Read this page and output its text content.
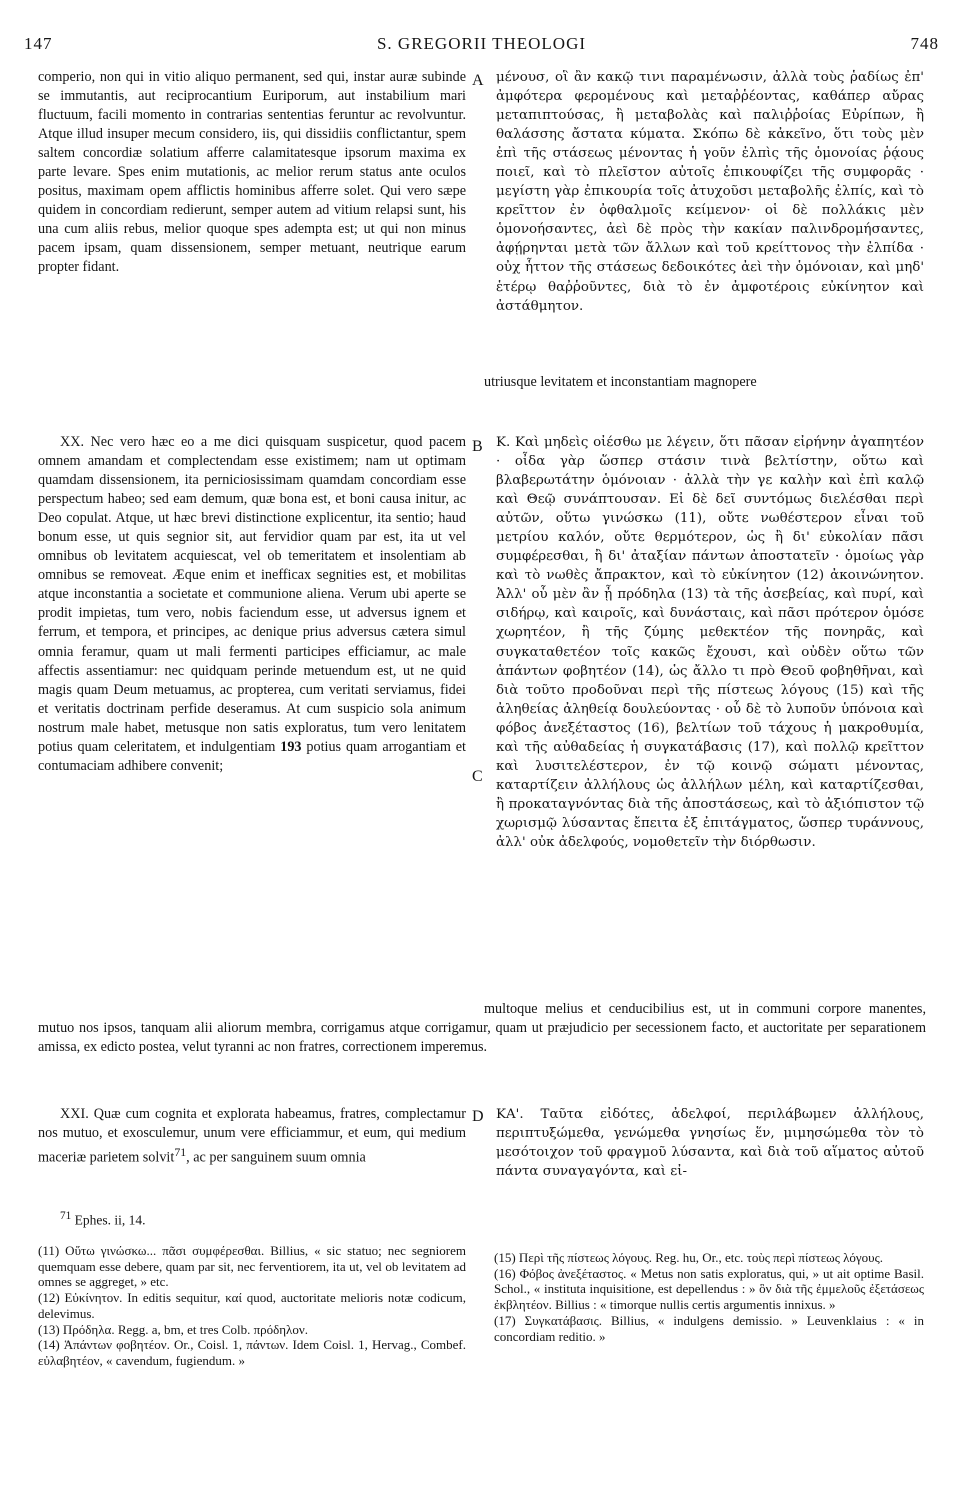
147	S. GREGORII THEOLOGI	748

comperio, non qui in vitio aliquo permanent, sed qui, instar auræ subinde se immutantis, aut reciprocantium Euriporum, aut instabilium mari fluctuum, facili momento in contrarias sententias feruntur ac revolvuntur. Atque illud insuper mecum considero, iis, qui dissidiis conflictantur, spem saltem concordiæ solatium afferre calamitatesque ipsorum maxima ex parte levare. Spes enim mutationis, ac melior rerum status ante oculos positus, maximam opem afflictis hominibus afferre solet. Qui vero sæpe quidem in concordiam redierunt, semper autem ad vitium relapsi sunt, his una cum aliis rebus, melior quoque spes adempta est; ut qui non minus pacem ipsam, quam dissensionem, semper metuant, neutrique earum propter fidant.

A μένουσ, οἳ ἂν κακῷ τινι παραμένωσιν, ἀλλὰ τοὺς ῥαδίως ἐπ' ἀμφότερα φερομένους καὶ μεταῤῥέοντας, καθάπερ αὔρας μεταπιπτούσας, ἢ μεταβολὰς καὶ παλιῤῥοίας Εὐρίπων, ἢ θαλάσσης ἄστατα κύματα. Σκόπω δὲ κἀκεῖνο, ὅτι τοὺς μὲν ἐπὶ τῆς στάσεως μένοντας ἡ γοῦν ἐλπὶς τῆς ὁμονοίας ῥᾴους ποιεῖ, καὶ τὸ πλεῖστον αὐτοῖς ἐπικουφίζει τῆς συμφορᾶς · μεγίστη γὰρ ἐπικουρία τοῖς ἀτυχοῦσι μεταβολῆς ἐλπίς, καὶ τὸ κρεῖττον ἐν ὀφθαλμοῖς κείμενον· οἱ δὲ πολλάκις μὲν ὁμονοήσαντες, ἀεὶ δὲ πρὸς τὴν κακίαν παλινδρομήσαντες, ἀφῄρηνται μετὰ τῶν ἄλλων καὶ τοῦ κρείττονος τὴν ἐλπίδα · οὐχ ἧττον τῆς στάσεως δεδοικότες ἀεὶ τὴν ὁμόνοιαν, καὶ μηδ' ἑτέρῳ θαῤῥοῦντες, διὰ τὸ ἐν ἀμφοτέροις εὐκίνητον καὶ ἀστάθμητον.

utriusque levitatem et inconstantiam magnopere

XX. Nec vero hæc eo a me dici quisquam suspicetur, quod pacem omnem amandam et complectendam esse existimem; nam ut optimam quamdam dissensionem, ita perniciosissimam quamdam concordiam esse perspectum habeo; sed eam demum, quæ bona est, et boni causa initur, ac Deo copulat. Atque, ut hæc brevi distinctione explicentur, ita sentio; haud bonum esse, ut quis segnior sit, aut fervidior quam par est, ita ut vel omnibus ob levitatem acquiescat, vel ob temeritatem et insolentiam ab omnibus se removeat. Æque enim et inefficax segnities est, et mobilitas atque inconstantia a societate et communione aliena. Verum ubi aperte se prodit impietas, tum vero, nobis faciendum esse, ut adversus ignem et ferrum, et tempora, et principes, ac denique prius adversus cætera simul omnia feramur, quam ut mali fermenti participes efficiamur, ac male affectis assentiamur: nec quidquam perinde metuendum est, ut ne quid magis quam Deum metuamus, ac propterea, cum veritati serviamus, fidei et veritatis doctrinam perfide deseramus. At cum suspicio sola animum nostrum male habet, metusque non satis exploratus, tum vero lenitatem potius quam celeritatem, et indulgentiam 193 potius quam arrogantiam et contumaciam adhibere convenit;

B
C

Κ. Καὶ μηδεὶς οἰέσθω με λέγειν, ὅτι πᾶσαν εἰρήνην ἀγαπητέον · οἶδα γὰρ ὥσπερ στάσιν τινὰ βελτίστην, οὕτω καὶ βλαβερωτάτην ὁμόνοιαν · ἀλλὰ τὴν γε καλὴν καὶ ἐπὶ καλῷ καὶ Θεῷ συνάπτουσαν. Εἰ δὲ δεῖ συντόμως διελέσθαι περὶ αὐτῶν, οὕτω γινώσκω (11), οὔτε νωθέστερον εἶναι τοῦ μετρίου καλόν, οὔτε θερμότερον, ὡς ἢ δι' εὐκολίαν πᾶσι συμφέρεσθαι, ἢ δι' ἀταξίαν πάντων ἀποστατεῖν · ὁμοίως γὰρ καὶ τὸ νωθὲς ἄπρακτον, καὶ τὸ εὐκίνητον (12) ἀκοινώνητον. Ἀλλ' οὗ μὲν ἂν ᾖ πρόδηλα (13) τὰ τῆς ἀσεβείας, καὶ πυρί, καὶ σιδήρῳ, καὶ καιροῖς, καὶ δυνάσταις, καὶ πᾶσι πρότερον ὁμόσε χωρητέον, ἢ τῆς ζύμης μεθεκτέον τῆς πονηρᾶς, καὶ συγκαταθετέον τοῖς κακῶς ἔχουσι, καὶ οὐδὲν οὕτω τῶν ἁπάντων φοβητέον (14), ὡς ἄλλο τι πρὸ Θεοῦ φοβηθῆναι, καὶ διὰ τοῦτο προδοῦναι περὶ τῆς πίστεως λόγους (15) καὶ τῆς ἀληθείας ἀληθείᾳ δουλεύοντας · οὗ δὲ τὸ λυποῦν ὑπόνοια καὶ φόβος ἀνεξέταστος (16), βελτίων τοῦ τάχους ἡ μακροθυμία, καὶ τῆς αὐθαδείας ἡ συγκατάβασις (17), καὶ πολλῷ κρεῖττον καὶ λυσιτελέστερον, ἐν τῷ κοινῷ σώματι μένοντας, καταρτίζειν ἀλλήλους ὡς ἀλλήλων μέλη, καὶ καταρτίζεσθαι, ἢ προκαταγνόντας διὰ τῆς ἀποστάσεως, καὶ τὸ ἀξιόπιστον τῷ χωρισμῷ λύσαντας ἔπειτα ἐξ ἐπιτάγματος, ὥσπερ τυράννους, ἀλλ' οὐκ ἀδελφούς, νομοθετεῖν τὴν διόρθωσιν.

multoque melius et cenducibilius est, ut in communi corpore manentes, mutuo nos ipsos, tanquam alii aliorum membra, corrigamus atque corrigamur, quam ut præjudicio per secessionem facto, et auctoritate per separationem amissa, ex edicto postea, velut tyranni ac non fratres, correctionem imperemus.

XXI. Quæ cum cognita et explorata habeamus, fratres, complectamur nos mutuo, et exosculemur, unum vere efficiammur, et eum, qui medium maceriæ parietem solvit$^{71}$, ac per sanguinem suum omnia

D ΚΑ'. Ταῦτα εἰδότες, ἀδελφοί, περιλάβωμεν ἀλλήλους, περιπτυξώμεθα, γενώμεθα γνησίως ἕν, μιμησώμεθα τὸν τὸ μεσότοιχον τοῦ φραγμοῦ λύσαντα, καὶ διὰ τοῦ αἵματος αὐτοῦ πάντα συναγαγόντα, καὶ εἰ-

$^{71}$ Ephes. ii, 14.
(11) Οὕτω γινώσκω... πᾶσι συμφέρεσθαι. Billius, « sic statuo; nec segniorem quemquam esse debere, quam par sit, nec ferventiorem, ita ut, vel ob levitatem ad omnes se aggreget, » etc.
(12) Εὐκίνητον. In editis sequitur, καί quod, auctoritate melioris notæ codicum, delevimus.
(13) Πρόδηλα. Regg. a, bm, et tres Colb. πρόδηλον.
(14) Ἁπάντων φοβητέον. Or., Coisl. 1, πάντων. Idem Coisl. 1, Hervag., Combef. εὐλαβητέον, « cavendum, fugiendum. »
(15) Περὶ τῆς πίστεως λόγους. Reg. hu, Or., etc. τοὺς περὶ πίστεως λόγους.
(16) Φόβος ἀνεξέταστος. « Metus non satis exploratus, qui, » ut ait optime Basil. Schol., « instituta inquisitione, est depellendus : » ὃν διὰ τῆς ἐμμελοῦς ἐξετάσεως ἐκβλητέον. Billius : « timorque nullis certis argumentis innixus. »
(17) Συγκατάβασις. Billius, « indulgens demissio. » Leuvenklaius : « in concordiam reditio. »
